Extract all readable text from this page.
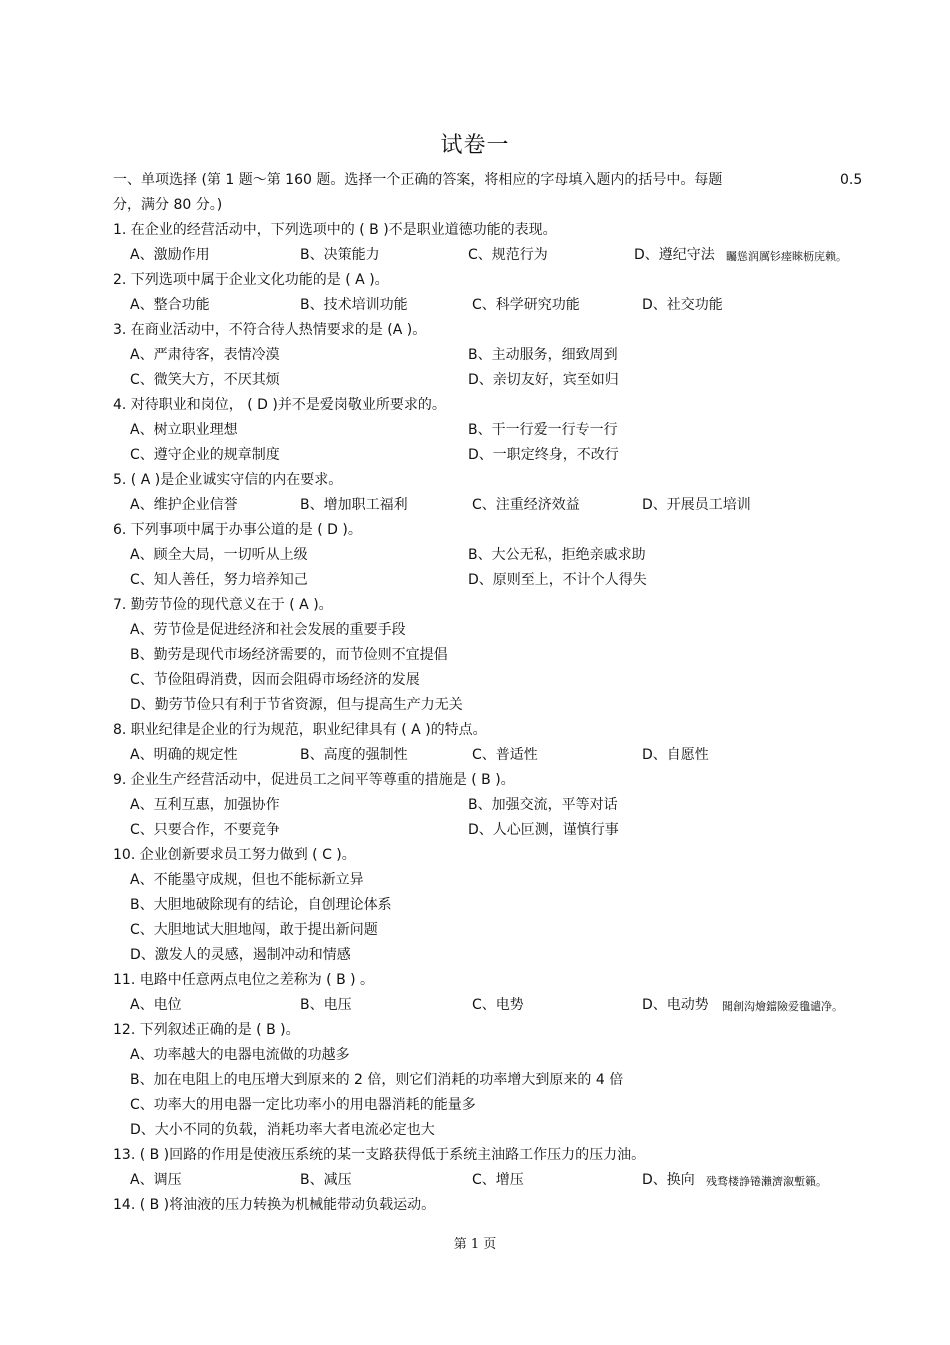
试卷一
一、单项选择 (第 1 题～第 160 题。选择一个正确的答案，将相应的字母填入题内的括号中。每题	0.5
分，满分 80 分。)
1. 在企业的经营活动中，下列选项中的 ( B )不是职业道德功能的表现。
A、激励作用	B、决策能力	C、规范行为	D、遵纪守法 矚慫润厲钐瘗睞枥庑赖。
2. 下列选项中属于企业文化功能的是 ( A )。
A、整合功能	B、技术培训功能	C、科学研究功能	D、社交功能
3. 在商业活动中，不符合待人热情要求的是 (A )。
A、严肃待客，表情冷漠	B、主动服务，细致周到
C、微笑大方，不厌其烦	D、亲切友好，宾至如归
4. 对待职业和岗位， ( D )并不是爱岗敬业所要求的。
A、树立职业理想	B、干一行爱一行专一行
C、遵守企业的规章制度	D、一职定终身，不改行
5. ( A )是企业诚实守信的内在要求。
A、维护企业信誉	B、增加职工福利	C、注重经济效益	D、开展员工培训
6. 下列事项中属于办事公道的是 ( D )。
A、顾全大局，一切听从上级	B、大公无私，拒绝亲戚求助
C、知人善任，努力培养知己	D、原则至上，不计个人得失
7. 勤劳节俭的现代意义在于 ( A )。
A、劳节俭是促进经济和社会发展的重要手段
B、勤劳是现代市场经济需要的，而节俭则不宜提倡
C、节俭阻碍消费，因而会阻碍市场经济的发展
D、勤劳节俭只有利于节省资源，但与提高生产力无关
8. 职业纪律是企业的行为规范，职业纪律具有 ( A )的特点。
A、明确的规定性	B、高度的强制性	C、普适性	D、自愿性
9. 企业生产经营活动中，促进员工之间平等尊重的措施是 ( B )。
A、互利互惠，加强协作	B、加强交流，平等对话
C、只要合作，不要竞争	D、人心叵测，谨慎行事
10. 企业创新要求员工努力做到 ( C )。
A、不能墨守成规，但也不能标新立异
B、大胆地破除现有的结论，自创理论体系
C、大胆地试大胆地闯，敢于提出新问题
D、激发人的灵感，遏制冲动和情感
11. 电路中任意两点电位之差称为 ( B ) 。
A、电位	B、电压	C、电势	D、电动势 聞創沟燴鐺險爱氇谴净。
12. 下列叙述正确的是 ( B )。
A、功率越大的电器电流做的功越多
B、加在电阻上的电压增大到原来的 2 倍，则它们消耗的功率增大到原来的 4 倍
C、功率大的用电器一定比功率小的用电器消耗的能量多
D、大小不同的负载，消耗功率大者电流必定也大
13. ( B )回路的作用是使液压系统的某一支路获得低于系统主油路工作压力的压力油。
A、调压	B、减压	C、增压	D、换向 残骛楼諍锩瀨濟溆塹籟。
14. ( B )将油液的压力转换为机械能带动负载运动。
第 1 页
